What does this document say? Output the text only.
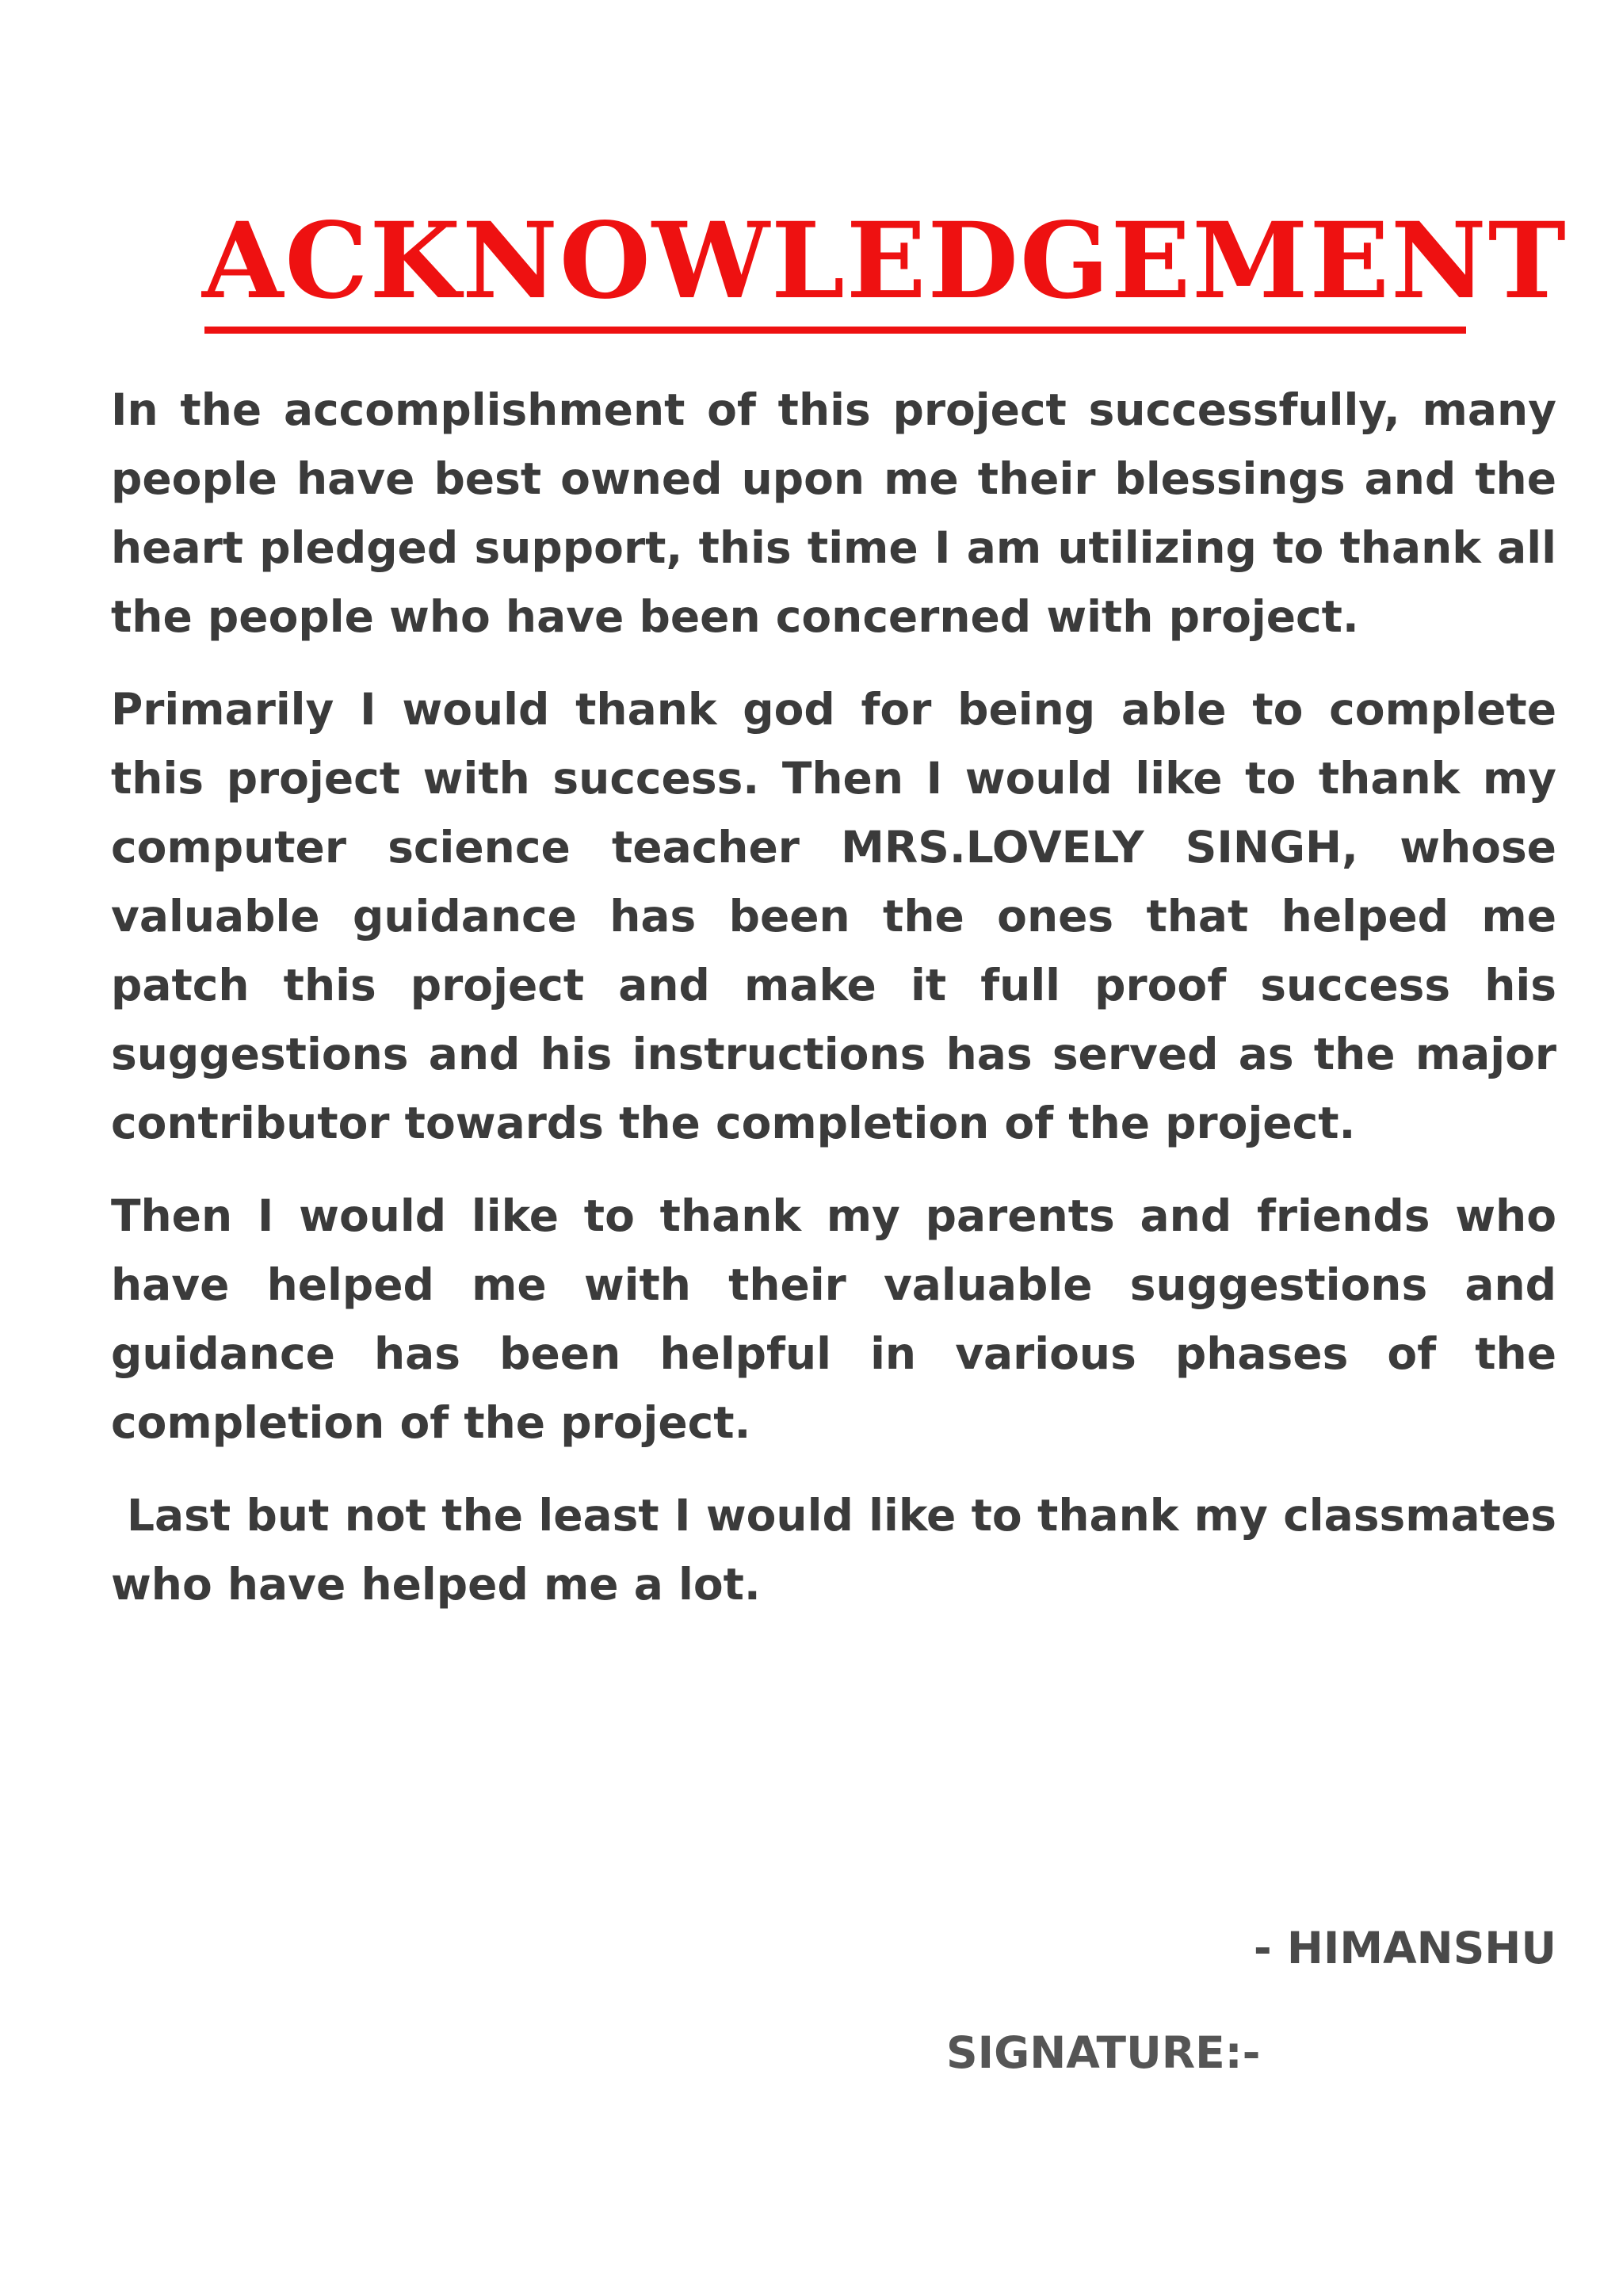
ACKNOWLEDGEMENT

In the accomplishment of this project successfully, many people have best owned upon me their blessings and the heart pledged support, this time I am utilizing to thank all the people who have been concerned with project.

Primarily I would thank god for being able to complete this project with success. Then I would like to thank my computer science teacher MRS.LOVELY SINGH, whose valuable guidance has been the ones that helped me patch this project and make it full proof success his suggestions and his instructions has served as the major contributor towards the completion of the project.

Then I would like to thank my parents and friends who have helped me with their valuable suggestions and guidance has been helpful in various phases of the completion of the project.

Last but not the least I would like to thank my classmates who have helped me a lot.

- HIMANSHU
SIGNATURE:-
